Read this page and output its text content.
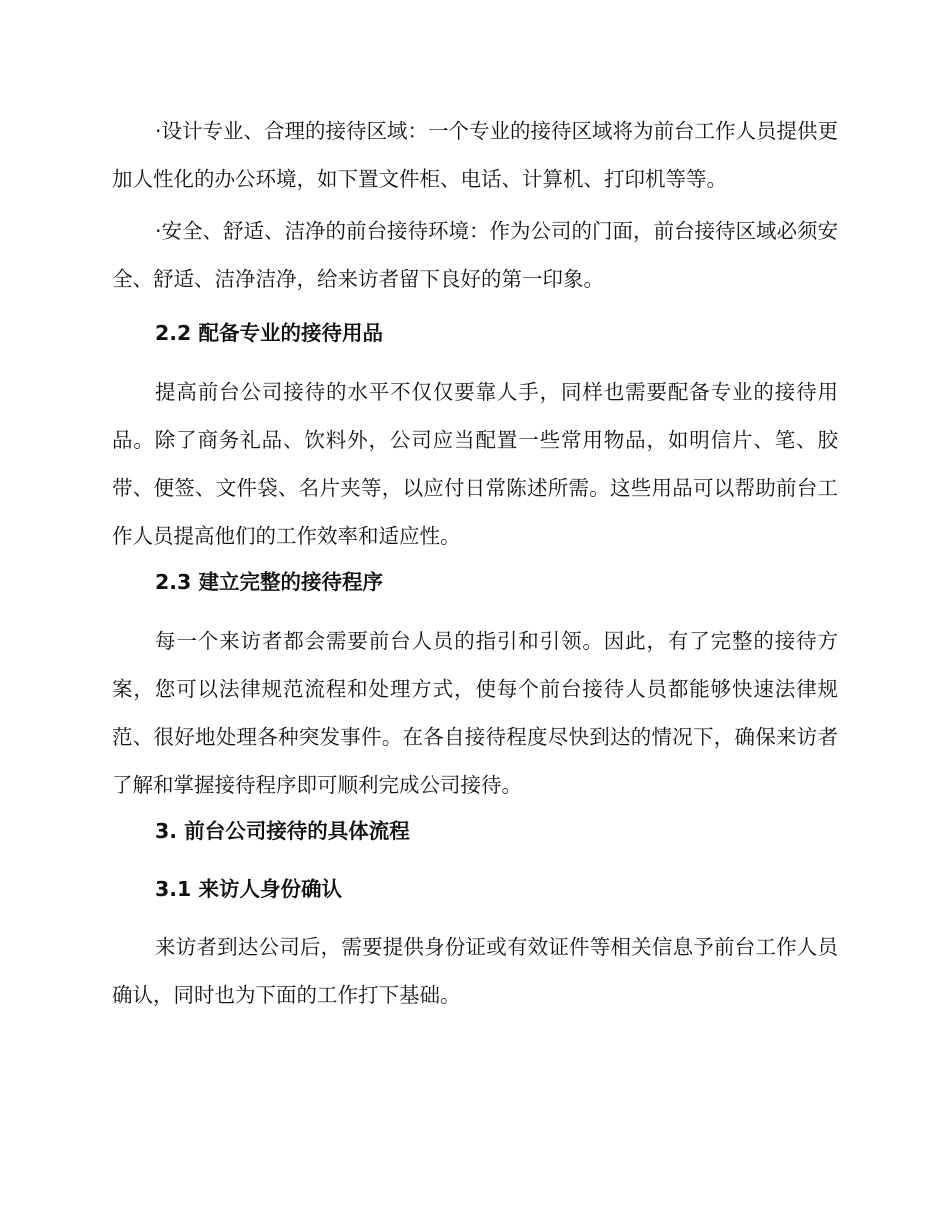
·设计专业、合理的接待区域：一个专业的接待区域将为前台工作人员提供更加人性化的办公环境，如下置文件柜、电话、计算机、打印机等等。

·安全、舒适、洁净的前台接待环境：作为公司的门面，前台接待区域必须安全、舒适、洁净洁净，给来访者留下良好的第一印象。

2.2 配备专业的接待用品

提高前台公司接待的水平不仅仅要靠人手，同样也需要配备专业的接待用品。除了商务礼品、饮料外，公司应当配置一些常用物品，如明信片、笔、胶带、便签、文件袋、名片夹等，以应付日常陈述所需。这些用品可以帮助前台工作人员提高他们的工作效率和适应性。

2.3 建立完整的接待程序

每一个来访者都会需要前台人员的指引和引领。因此，有了完整的接待方案，您可以法律规范流程和处理方式，使每个前台接待人员都能够快速法律规范、很好地处理各种突发事件。在各自接待程度尽快到达的情况下，确保来访者了解和掌握接待程序即可顺利完成公司接待。

3. 前台公司接待的具体流程
3.1 来访人身份确认

来访者到达公司后，需要提供身份证或有效证件等相关信息予前台工作人员确认，同时也为下面的工作打下基础。
